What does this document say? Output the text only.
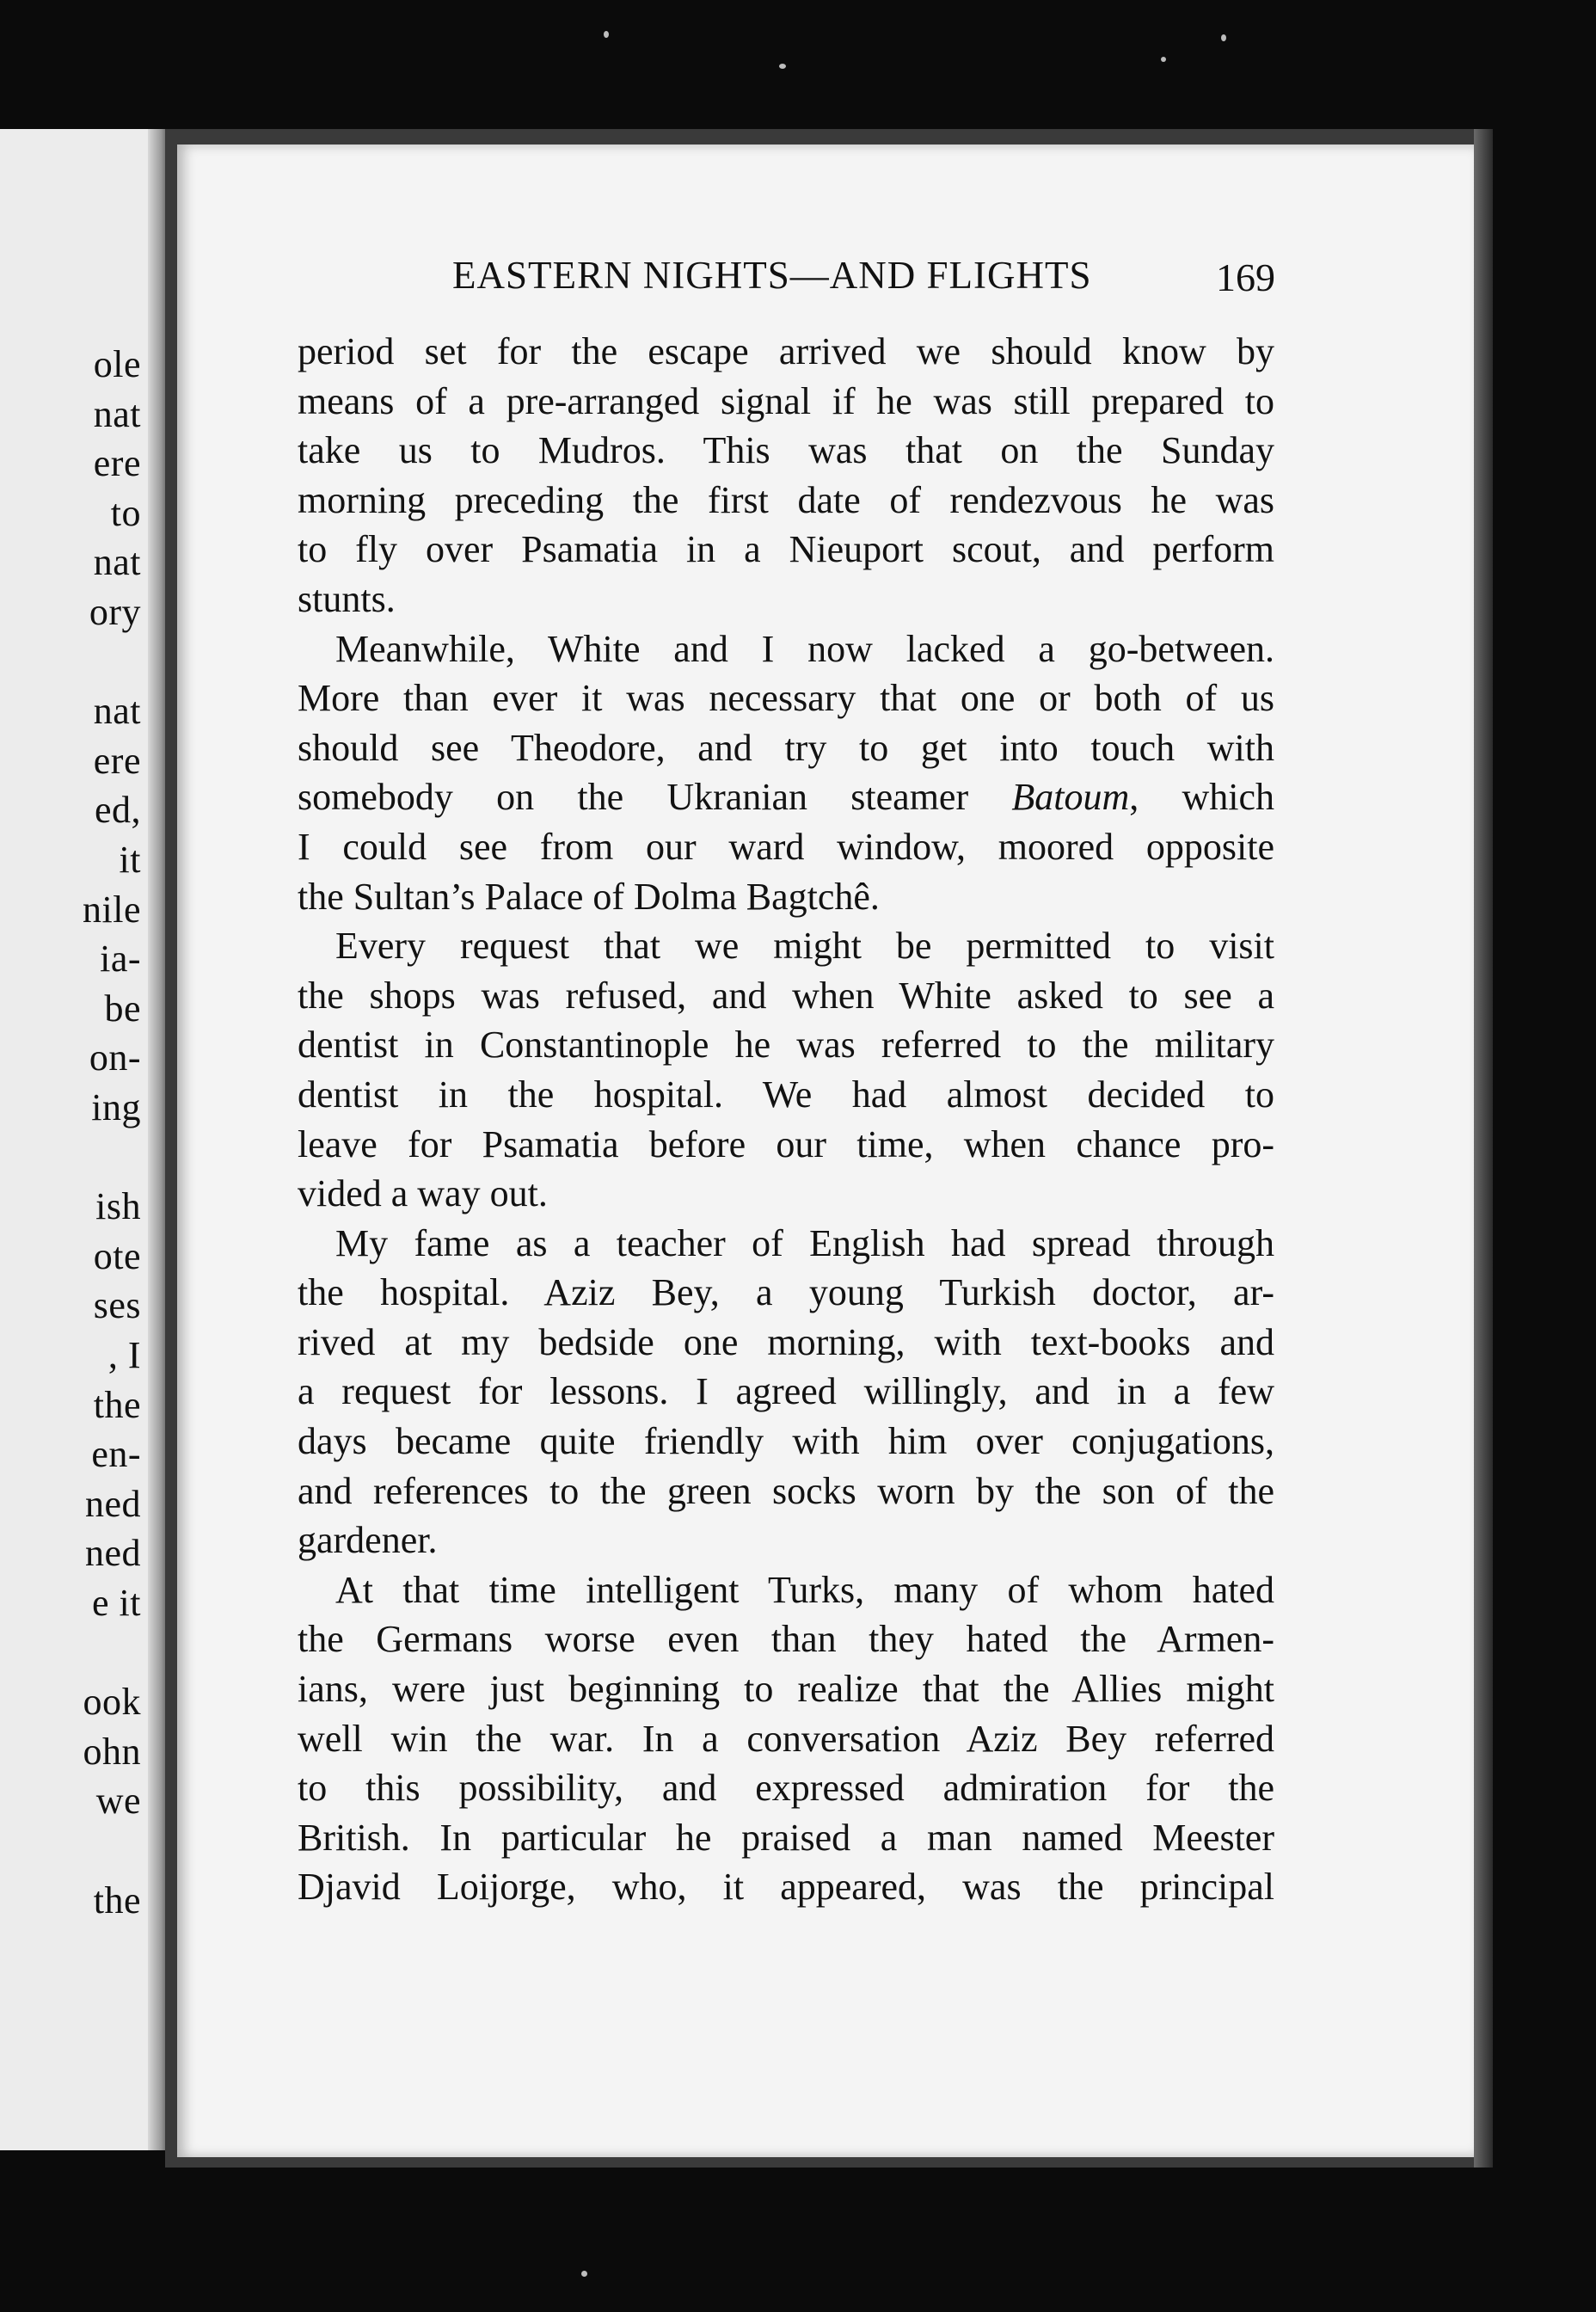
ole
nat
ere
to
nat
ory
nat
ere
ed,
it
nile
ia-
be
on-
ing
ish
ote
ses
, I
the
en-
ned
ned
e it
ook
ohn
we
the
EASTERN NIGHTS—AND FLIGHTS	169
period set for the escape arrived we should know by
means of a pre-arranged signal if he was still prepared to
take us to Mudros. This was that on the Sunday
morning preceding the first date of rendezvous he was
to fly over Psamatia in a Nieuport scout, and perform
stunts.
Meanwhile, White and I now lacked a go-between.
More than ever it was necessary that one or both of us
should see Theodore, and try to get into touch with
somebody on the Ukranian steamer Batoum, which
I could see from our ward window, moored opposite
the Sultan’s Palace of Dolma Bagtchê.
Every request that we might be permitted to visit
the shops was refused, and when White asked to see a
dentist in Constantinople he was referred to the military
dentist in the hospital. We had almost decided to
leave for Psamatia before our time, when chance pro-
vided a way out.
My fame as a teacher of English had spread through
the hospital. Aziz Bey, a young Turkish doctor, ar-
rived at my bedside one morning, with text-books and
a request for lessons. I agreed willingly, and in a few
days became quite friendly with him over conjugations,
and references to the green socks worn by the son of the
gardener.
At that time intelligent Turks, many of whom hated
the Germans worse even than they hated the Armen-
ians, were just beginning to realize that the Allies might
well win the war. In a conversation Aziz Bey referred
to this possibility, and expressed admiration for the
British. In particular he praised a man named Meester
Djavid Loijorge, who, it appeared, was the principal
